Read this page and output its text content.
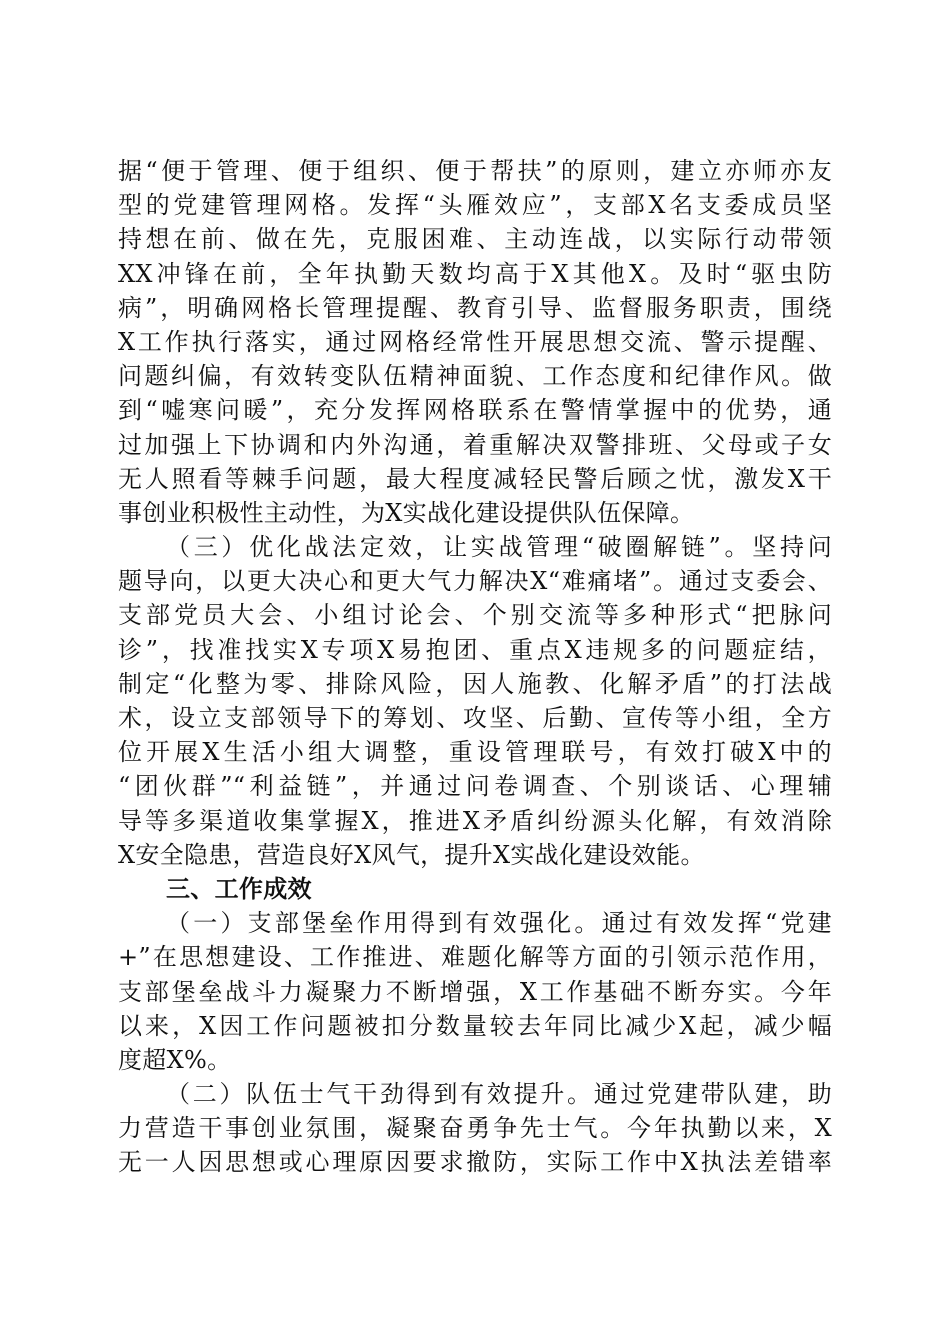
据“便于管理、便于组织、便于帮扶”的原则，建立亦师亦友
型的党建管理网格。发挥“头雁效应”，支部X名支委成员坚
持想在前、做在先，克服困难、主动连战，以实际行动带领
XX冲锋在前，全年执勤天数均高于X其他X。及时“驱虫防
病”，明确网格长管理提醒、教育引导、监督服务职责，围绕
X工作执行落实，通过网格经常性开展思想交流、警示提醒、
问题纠偏，有效转变队伍精神面貌、工作态度和纪律作风。做
到“嘘寒问暖”，充分发挥网格联系在警情掌握中的优势，通
过加强上下协调和内外沟通，着重解决双警排班、父母或子女
无人照看等棘手问题，最大程度减轻民警后顾之忧，激发X干
事创业积极性主动性，为X实战化建设提供队伍保障。
（三）优化战法定效，让实战管理“破圈解链”。坚持问
题导向，以更大决心和更大气力解决X“难痛堵”。通过支委会、
支部党员大会、小组讨论会、个别交流等多种形式“把脉问
诊”，找准找实X专项X易抱团、重点X违规多的问题症结，
制定“化整为零、排除风险，因人施教、化解矛盾”的打法战
术，设立支部领导下的筹划、攻坚、后勤、宣传等小组，全方
位开展X生活小组大调整，重设管理联号，有效打破X中的
“团伙群”“利益链”，并通过问卷调查、个别谈话、心理辅
导等多渠道收集掌握X，推进X矛盾纠纷源头化解，有效消除
X安全隐患，营造良好X风气，提升X实战化建设效能。
三、工作成效
（一）支部堡垒作用得到有效强化。通过有效发挥“党建
+”在思想建设、工作推进、难题化解等方面的引领示范作用，
支部堡垒战斗力凝聚力不断增强，X工作基础不断夯实。今年
以来，X因工作问题被扣分数量较去年同比减少X起，减少幅
度超X%。
（二）队伍士气干劲得到有效提升。通过党建带队建，助
力营造干事创业氛围，凝聚奋勇争先士气。今年执勤以来，X
无一人因思想或心理原因要求撤防，实际工作中X执法差错率
